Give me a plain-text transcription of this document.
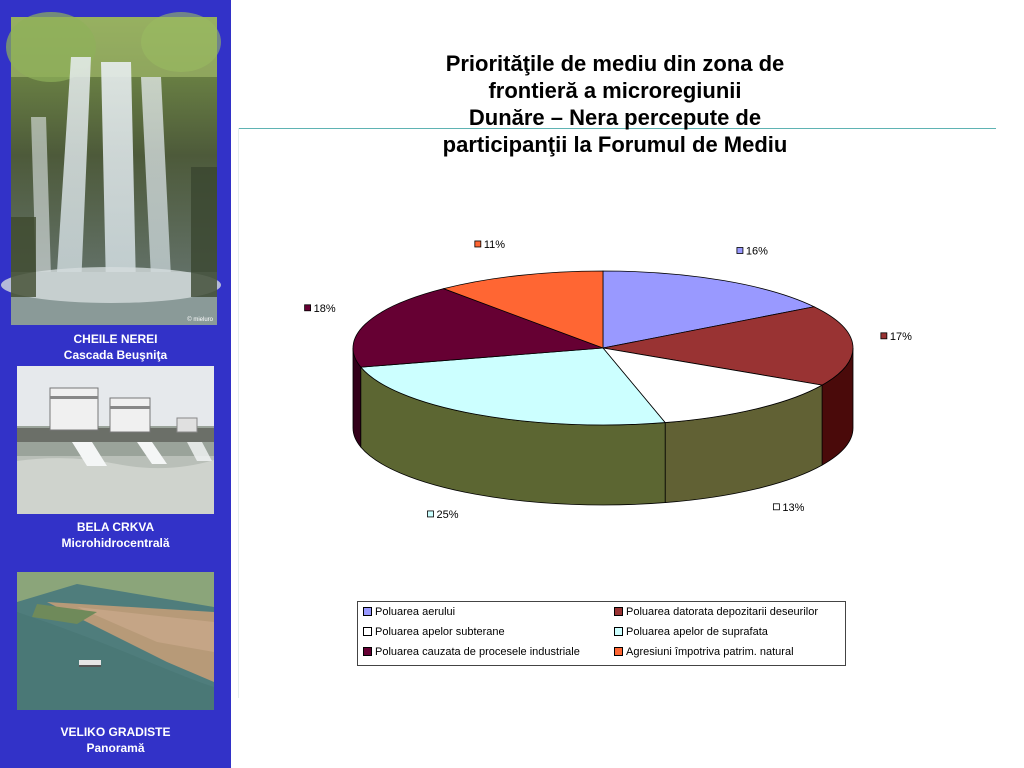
© mieluro
CHEILE NEREI
Cascada Beuşniţa
BELA CRKVA
Microhidrocentrală
VELIKO GRADISTE
Panoramă
Priorităţile de mediu din zona de
frontieră a microregiunii
Dunăre – Nera percepute de
participanţii la Forumul de Mediu
16%
17%
13%
25%
18%
11%
Poluarea aerului	Poluarea datorata depozitarii deseurilor
Poluarea apelor subterane	Poluarea apelor de suprafata
Poluarea cauzata de procesele industriale	Agresiuni împotriva patrim. natural
